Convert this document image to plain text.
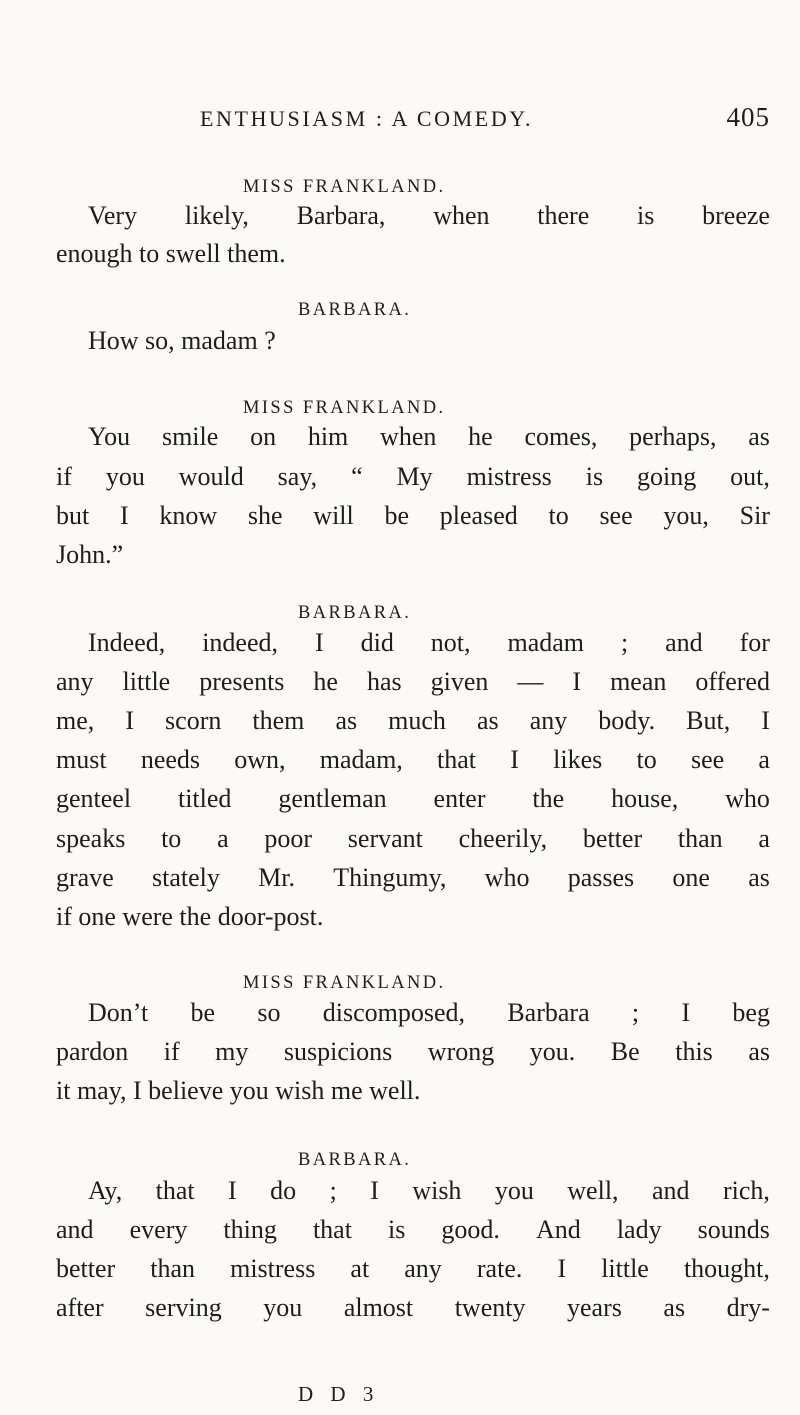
ENTHUSIASM : A COMEDY.	405
MISS FRANKLAND.
Very likely, Barbara, when there is breeze
enough to swell them.
BARBARA.
How so, madam ?
MISS FRANKLAND.
You smile on him when he comes, perhaps, as
if you would say, “ My mistress is going out,
but I know she will be pleased to see you, Sir
John.”
BARBARA.
Indeed, indeed, I did not, madam ; and for
any little presents he has given — I mean offered
me, I scorn them as much as any body. But, I
must needs own, madam, that I likes to see a
genteel titled gentleman enter the house, who
speaks to a poor servant cheerily, better than a
grave stately Mr. Thingumy, who passes one as
if one were the door-post.
MISS FRANKLAND.
Don’t be so discomposed, Barbara ; I beg
pardon if my suspicions wrong you. Be this as
it may, I believe you wish me well.
BARBARA.
Ay, that I do ; I wish you well, and rich,
and every thing that is good. And lady sounds
better than mistress at any rate. I little thought,
after serving you almost twenty years as dry-
D D 3
